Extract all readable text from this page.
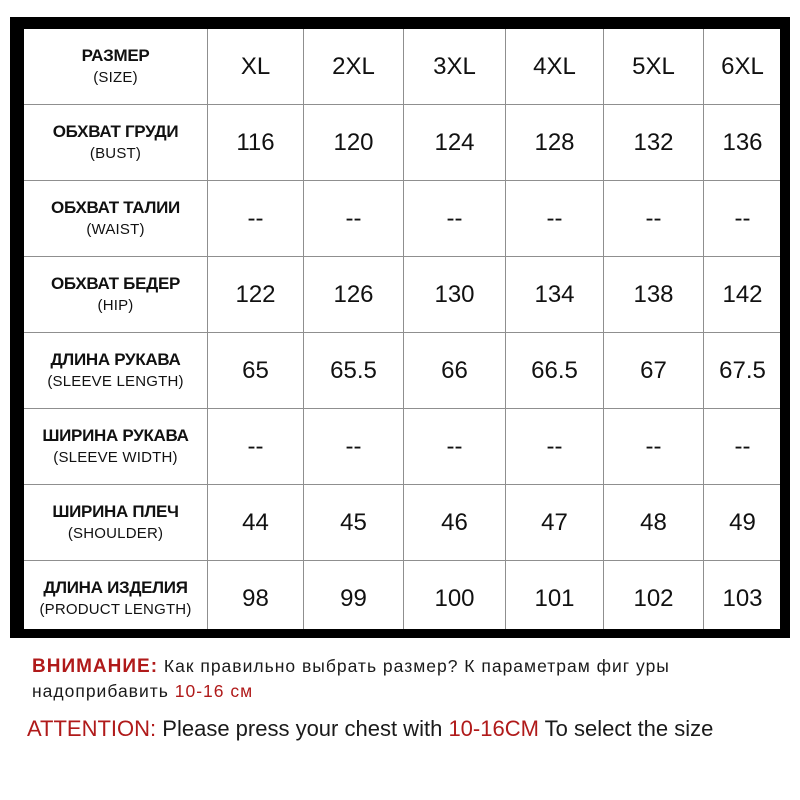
РАЗМЕР
(SIZE)	XL	2XL	3XL	4XL	5XL	6XL

ОБХВАТ ГРУДИ
(BUST)	116	120	124	128	132	136

ОБХВАТ ТАЛИИ
(WAIST)	--	--	--	--	--	--

ОБХВАТ БЕДЕР
(HIP)	122	126	130	134	138	142

ДЛИНА РУКАВА
(SLEEVE LENGTH)	65	65.5	66	66.5	67	67.5

ШИРИНА РУКАВА
(SLEEVE WIDTH)	--	--	--	--	--	--

ШИРИНА ПЛЕЧ
(SHOULDER)	44	45	46	47	48	49

ДЛИНА ИЗДЕЛИЯ
(PRODUCT LENGTH)	98	99	100	101	102	103
ВНИМАНИЕ: Как правильно выбрать размер? К параметрам фиг уры надоприбавить 10-16 см
ATTENTION: Please press your chest with 10-16CM To select the size
